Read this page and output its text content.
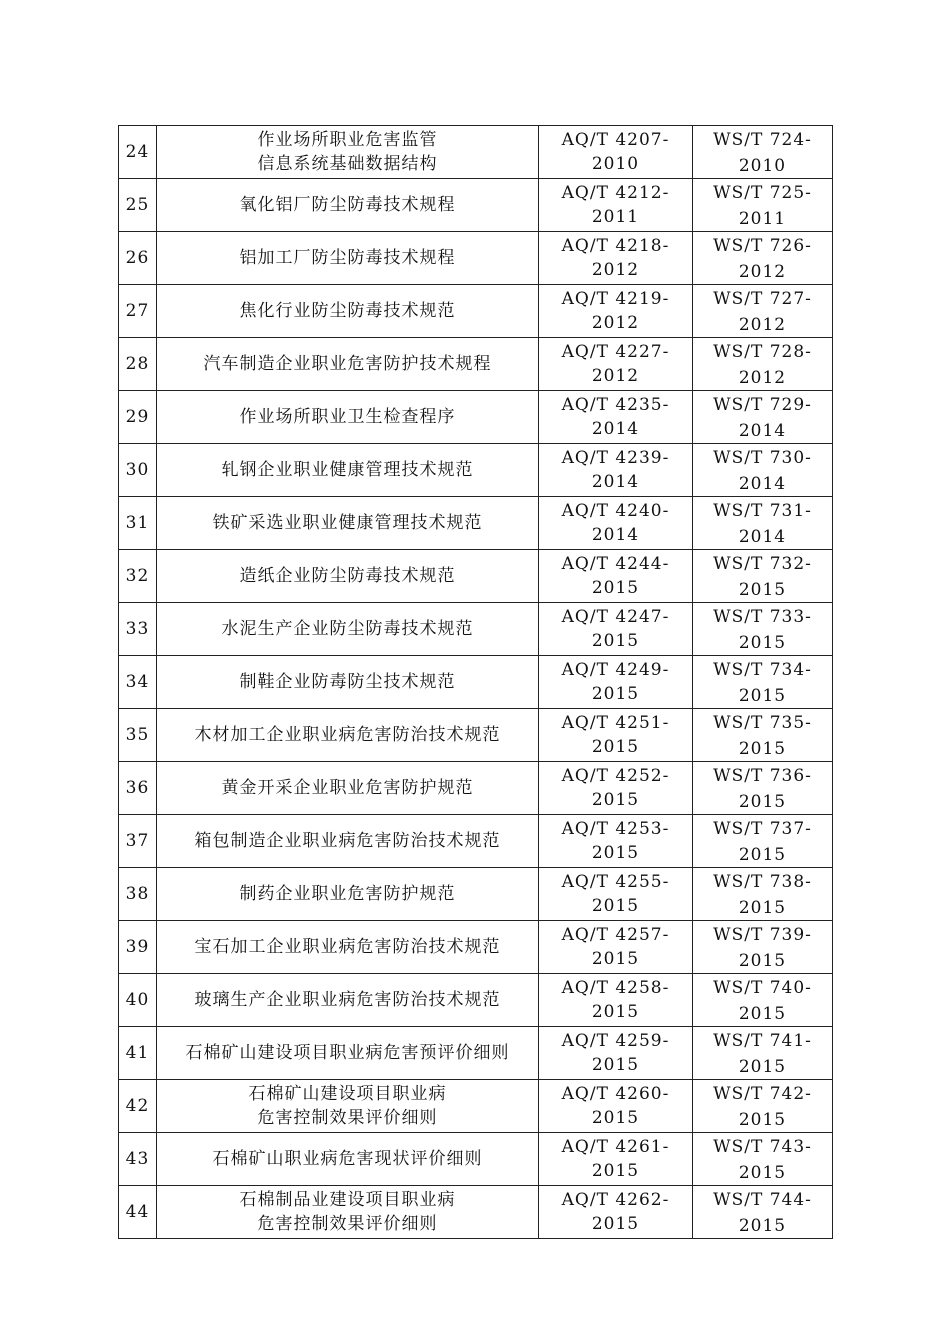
24	作业场所职业危害监管
信息系统基础数据结构	AQ/T 4207-2010	WS/T 724-
2010

25	氧化铝厂防尘防毒技术规程	AQ/T 4212-2011	WS/T 725-
2011

26	铝加工厂防尘防毒技术规程	AQ/T 4218-2012	WS/T 726-
2012

27	焦化行业防尘防毒技术规范	AQ/T 4219-2012	WS/T 727-
2012

28	汽车制造企业职业危害防护技术规程	AQ/T 4227-2012	WS/T 728-
2012

29	作业场所职业卫生检查程序	AQ/T 4235-2014	WS/T 729-
2014

30	轧钢企业职业健康管理技术规范	AQ/T 4239-2014	WS/T 730-
2014

31	铁矿采选业职业健康管理技术规范	AQ/T 4240-2014	WS/T 731-
2014

32	造纸企业防尘防毒技术规范	AQ/T 4244-2015	WS/T 732-
2015

33	水泥生产企业防尘防毒技术规范	AQ/T 4247-2015	WS/T 733-
2015

34	制鞋企业防毒防尘技术规范	AQ/T 4249-2015	WS/T 734-
2015

35	木材加工企业职业病危害防治技术规范	AQ/T 4251-2015	WS/T 735-
2015

36	黄金开采企业职业危害防护规范	AQ/T 4252-2015	WS/T 736-
2015

37	箱包制造企业职业病危害防治技术规范	AQ/T 4253-2015	WS/T 737-
2015

38	制药企业职业危害防护规范	AQ/T 4255-2015	WS/T 738-
2015

39	宝石加工企业职业病危害防治技术规范	AQ/T 4257-2015	WS/T 739-
2015

40	玻璃生产企业职业病危害防治技术规范	AQ/T 4258-2015	WS/T 740-
2015

41	石棉矿山建设项目职业病危害预评价细则	AQ/T 4259-2015	WS/T 741-
2015

42	石棉矿山建设项目职业病
危害控制效果评价细则	AQ/T 4260-2015	WS/T 742-
2015

43	石棉矿山职业病危害现状评价细则	AQ/T 4261-2015	WS/T 743-
2015

44	石棉制品业建设项目职业病
危害控制效果评价细则	AQ/T 4262-2015	WS/T 744-
2015
